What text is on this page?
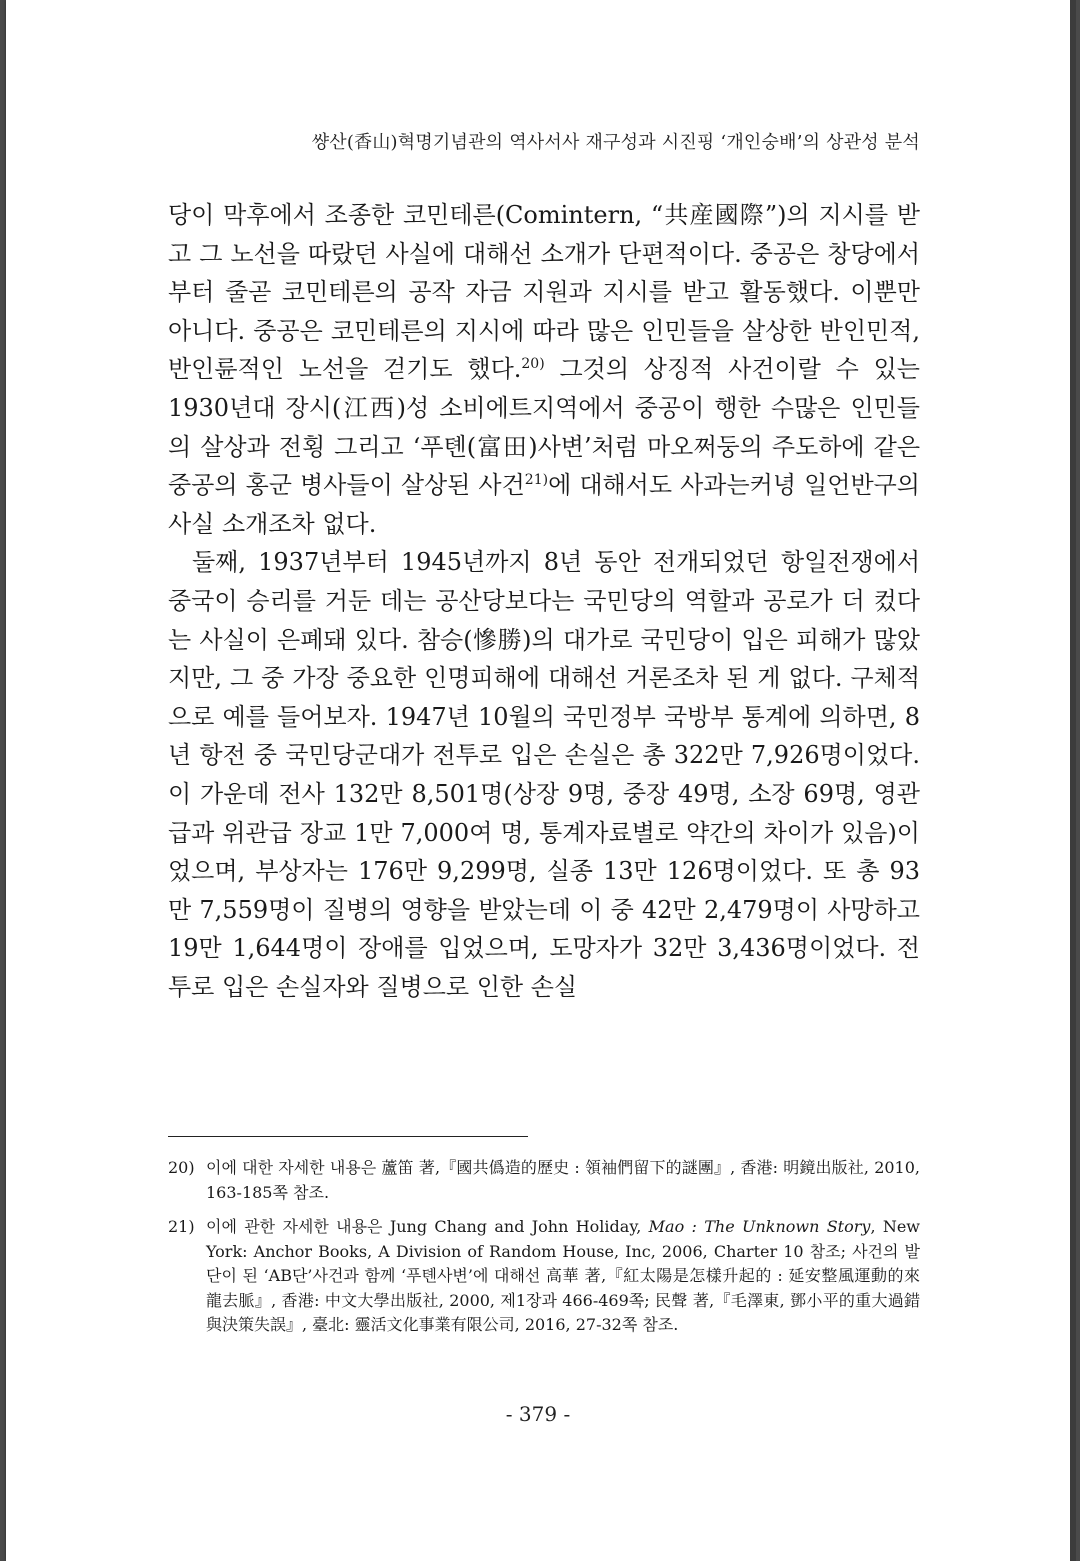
썅산(香山)혁명기념관의 역사서사 재구성과 시진핑 ‘개인숭배’의 상관성 분석

당이 막후에서 조종한 코민테른(Comintern, “共産國際”)의 지시를 받고 그 노선을 따랐던 사실에 대해선 소개가 단편적이다. 중공은 창당에서부터 줄곧 코민테른의 공작 자금 지원과 지시를 받고 활동했다. 이뿐만 아니다. 중공은 코민테른의 지시에 따라 많은 인민들을 살상한 반인민적, 반인륜적인 노선을 걷기도 했다.$^{20)}$ 그것의 상징적 사건이랄 수 있는 1930년대 장시(江西)성 소비에트지역에서 중공이 행한 수많은 인민들의 살상과 전횡 그리고 ‘푸톈(富田)사변’처럼 마오쩌둥의 주도하에 같은 중공의 홍군 병사들이 살상된 사건$^{21)}$에 대해서도 사과는커녕 일언반구의 사실 소개조차 없다.

둘째, 1937년부터 1945년까지 8년 동안 전개되었던 항일전쟁에서 중국이 승리를 거둔 데는 공산당보다는 국민당의 역할과 공로가 더 컸다는 사실이 은폐돼 있다. 참승(慘勝)의 대가로 국민당이 입은 피해가 많았지만, 그 중 가장 중요한 인명피해에 대해선 거론조차 된 게 없다. 구체적으로 예를 들어보자. 1947년 10월의 국민정부 국방부 통계에 의하면, 8년 항전 중 국민당군대가 전투로 입은 손실은 총 322만 7,926명이었다. 이 가운데 전사 132만 8,501명(상장 9명, 중장 49명, 소장 69명, 영관급과 위관급 장교 1만 7,000여 명, 통계자료별로 약간의 차이가 있음)이었으며, 부상자는 176만 9,299명, 실종 13만 126명이었다. 또 총 93만 7,559명이 질병의 영향을 받았는데 이 중 42만 2,479명이 사망하고 19만 1,644명이 장애를 입었으며, 도망자가 32만 3,436명이었다. 전투로 입은 손실자와 질병으로 인한 손실

20) 이에 대한 자세한 내용은 蘆笛 著,『國共僞造的歷史 : 領袖們留下的謎團』, 香港: 明鏡出版社, 2010, 163-185쪽 참조.
21) 이에 관한 자세한 내용은 Jung Chang and John Holiday, Mao : The Unknown Story, New York: Anchor Books, A Division of Random House, Inc, 2006, Charter 10 참조; 사건의 발단이 된 ‘AB단’사건과 함께 ‘푸톈사변’에 대해선 高華 著,『紅太陽是怎樣升起的 : 延安整風運動的來龍去脈』, 香港: 中文大學出版社, 2000, 제1장과 466-469쪽; 民聲 著,『毛澤東, 鄧小平的重大過錯與決策失誤』, 臺北: 靈活文化事業有限公司, 2016, 27-32쪽 참조.
- 379 -
